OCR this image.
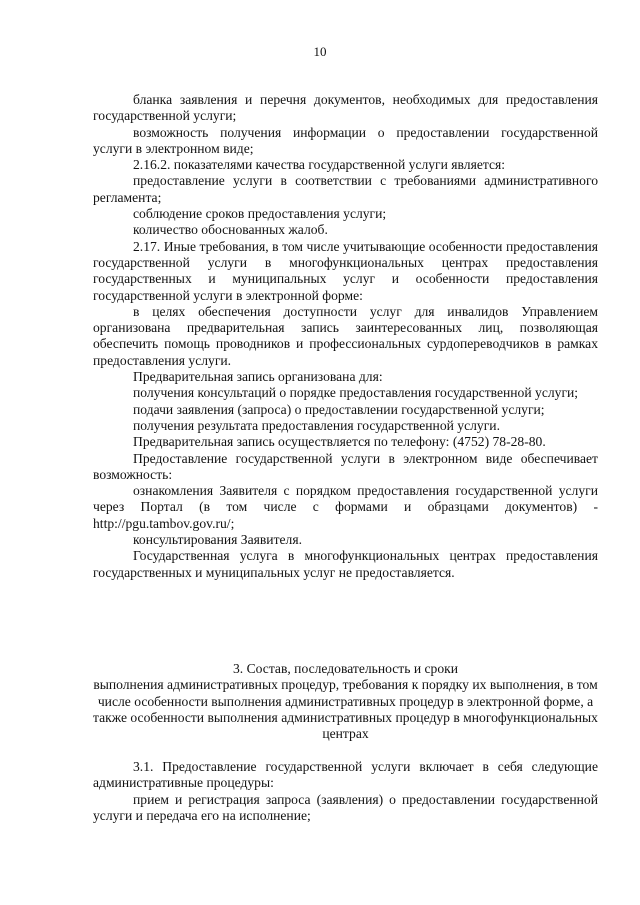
10

бланка заявления и перечня документов, необходимых для предоставления государственной услуги;

возможность получения информации о предоставлении государственной услуги в электронном виде;

2.16.2. показателями качества государственной услуги является:

предоставление услуги в соответствии с требованиями административного регламента;

соблюдение сроков предоставления услуги;

количество обоснованных жалоб.

2.17. Иные требования, в том числе учитывающие особенности предоставления государственной услуги в многофункциональных центрах предоставления государственных и муниципальных услуг и особенности предоставления государственной услуги в электронной форме:

в целях обеспечения доступности услуг для инвалидов Управлением организована предварительная запись заинтересованных лиц, позволяющая обеспечить помощь проводников и профессиональных сурдопереводчиков в рамках предоставления услуги.

Предварительная запись организована для:

получения консультаций о порядке предоставления государственной услуги;

подачи заявления (запроса) о предоставлении государственной услуги;

получения результата предоставления государственной услуги.

Предварительная запись осуществляется по телефону: (4752) 78-28-80.

Предоставление государственной услуги в электронном виде обеспечивает возможность:

ознакомления Заявителя с порядком предоставления государственной услуги через Портал (в том числе с формами и образцами документов) - http://pgu.tambov.gov.ru/;

консультирования Заявителя.

Государственная услуга в многофункциональных центрах предоставления государственных и муниципальных услуг не предоставляется.

3. Состав, последовательность и сроки

выполнения административных процедур, требования к порядку их выполнения, в том числе особенности выполнения административных процедур в электронной форме, а также особенности выполнения административных процедур в многофункциональных центрах

3.1. Предоставление государственной услуги включает в себя следующие административные процедуры:

прием и регистрация запроса (заявления) о предоставлении государственной услуги и передача его на исполнение;
